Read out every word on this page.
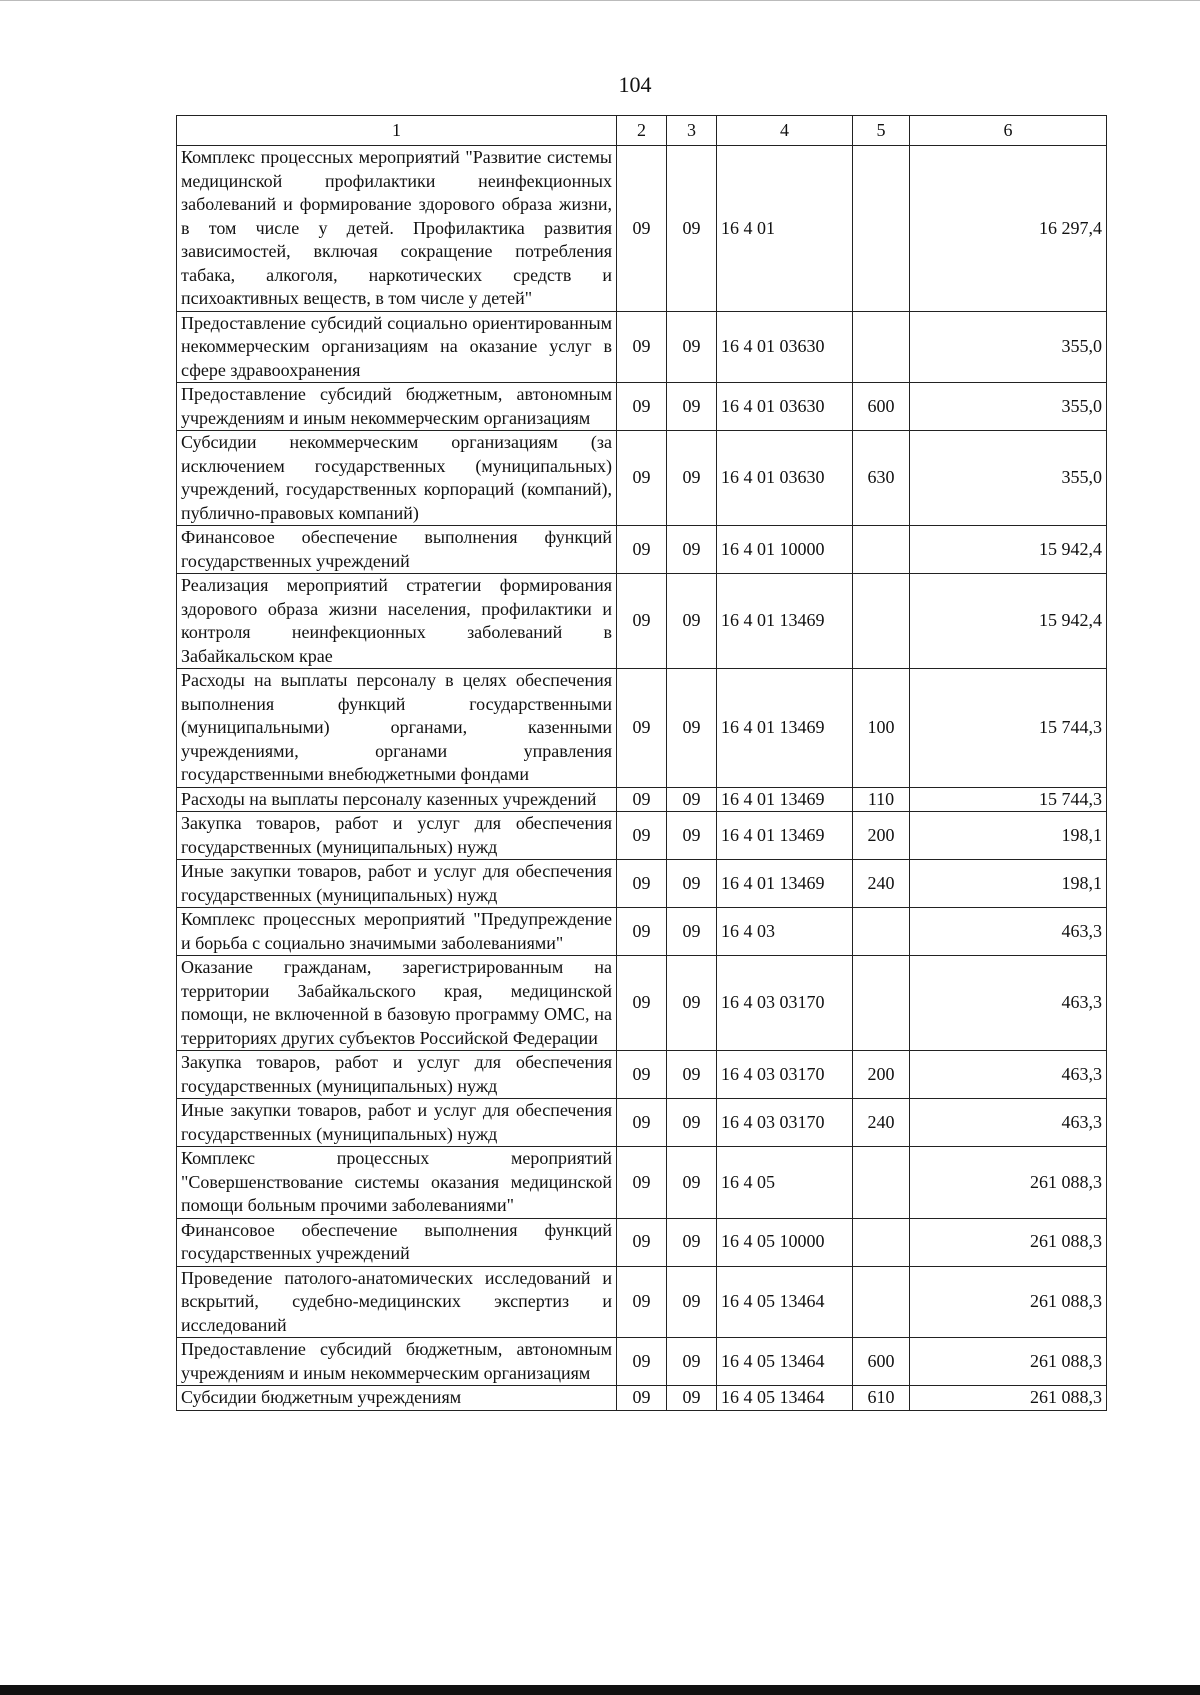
104
1	2	3	4	5	6
Комплекс процессных мероприятий "Развитие системы медицинской профилактики неинфекционных заболеваний и формирование здорового образа жизни, в том числе у детей. Профилактика развития зависимостей, включая сокращение потребления табака, алкоголя, наркотических средств и психоактивных веществ, в том числе у детей"	09	09	16 4 01		16 297,4
Предоставление субсидий социально ориентированным некоммерческим организациям на оказание услуг в сфере здравоохранения	09	09	16 4 01 03630		355,0
Предоставление субсидий бюджетным, автономным учреждениям и иным некоммерческим организациям	09	09	16 4 01 03630	600	355,0
Субсидии некоммерческим организациям (за исключением государственных (муниципальных) учреждений, государственных корпораций (компаний), публично-правовых компаний)	09	09	16 4 01 03630	630	355,0
Финансовое обеспечение выполнения функций государственных учреждений	09	09	16 4 01 10000		15 942,4
Реализация мероприятий стратегии формирования здорового образа жизни населения, профилактики и контроля неинфекционных заболеваний в Забайкальском крае	09	09	16 4 01 13469		15 942,4
Расходы на выплаты персоналу в целях обеспечения выполнения функций государственными (муниципальными) органами, казенными учреждениями, органами управления государственными внебюджетными фондами	09	09	16 4 01 13469	100	15 744,3
Расходы на выплаты персоналу казенных учреждений	09	09	16 4 01 13469	110	15 744,3
Закупка товаров, работ и услуг для обеспечения государственных (муниципальных) нужд	09	09	16 4 01 13469	200	198,1
Иные закупки товаров, работ и услуг для обеспечения государственных (муниципальных) нужд	09	09	16 4 01 13469	240	198,1
Комплекс процессных мероприятий "Предупреждение и борьба с социально значимыми заболеваниями"	09	09	16 4 03		463,3
Оказание гражданам, зарегистрированным на территории Забайкальского края, медицинской помощи, не включенной в базовую программу ОМС, на территориях других субъектов Российской Федерации	09	09	16 4 03 03170		463,3
Закупка товаров, работ и услуг для обеспечения государственных (муниципальных) нужд	09	09	16 4 03 03170	200	463,3
Иные закупки товаров, работ и услуг для обеспечения государственных (муниципальных) нужд	09	09	16 4 03 03170	240	463,3
Комплекс процессных мероприятий "Совершенствование системы оказания медицинской помощи больным прочими заболеваниями"	09	09	16 4 05		261 088,3
Финансовое обеспечение выполнения функций государственных учреждений	09	09	16 4 05 10000		261 088,3
Проведение патолого-анатомических исследований и вскрытий, судебно-медицинских экспертиз и исследований	09	09	16 4 05 13464		261 088,3
Предоставление субсидий бюджетным, автономным учреждениям и иным некоммерческим организациям	09	09	16 4 05 13464	600	261 088,3
Субсидии бюджетным учреждениям	09	09	16 4 05 13464	610	261 088,3
